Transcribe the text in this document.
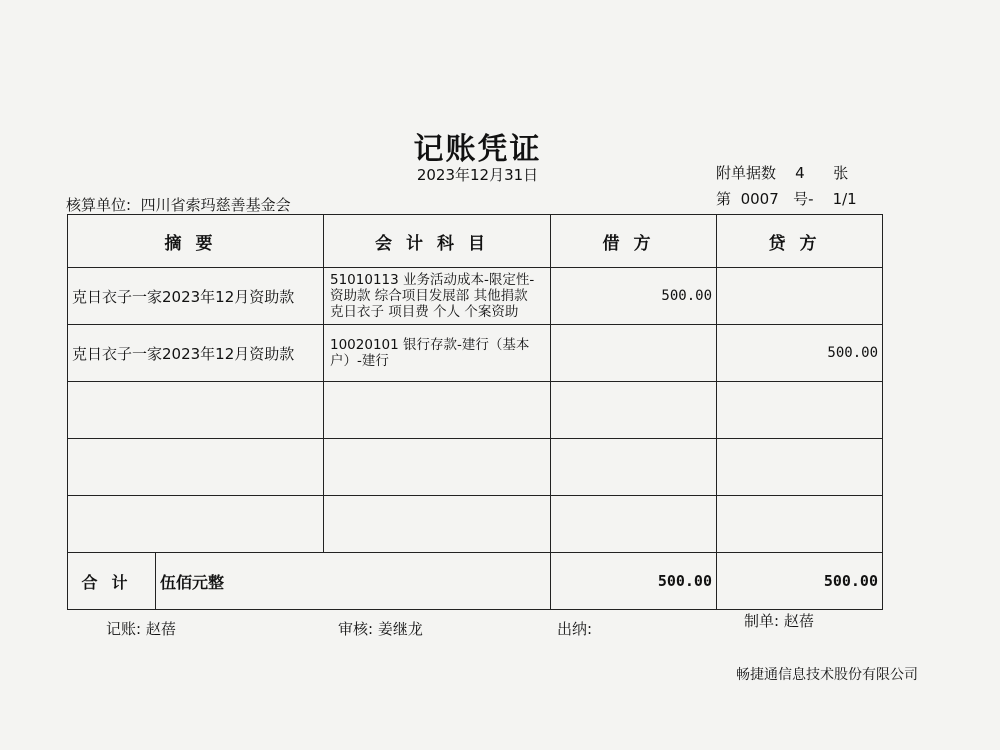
记账凭证
2023年12月31日	附单据数 4 张
第 0007 号- 1/1
核算单位: 四川省索玛慈善基金会
摘要		会计科目	借方	贷方
克日衣子一家2023年12月资助款		51010113 业务活动成本-限定性-资助款 综合项目发展部 其他捐款 克日衣子 项目费 个人 个案资助	500.00	
克日衣子一家2023年12月资助款		10020101 银行存款-建行（基本户）-建行		500.00

合计	伍佰元整		500.00	500.00
记账: 赵蓓	审核: 姜继龙	出纳:	制单: 赵蓓
畅捷通信息技术股份有限公司
